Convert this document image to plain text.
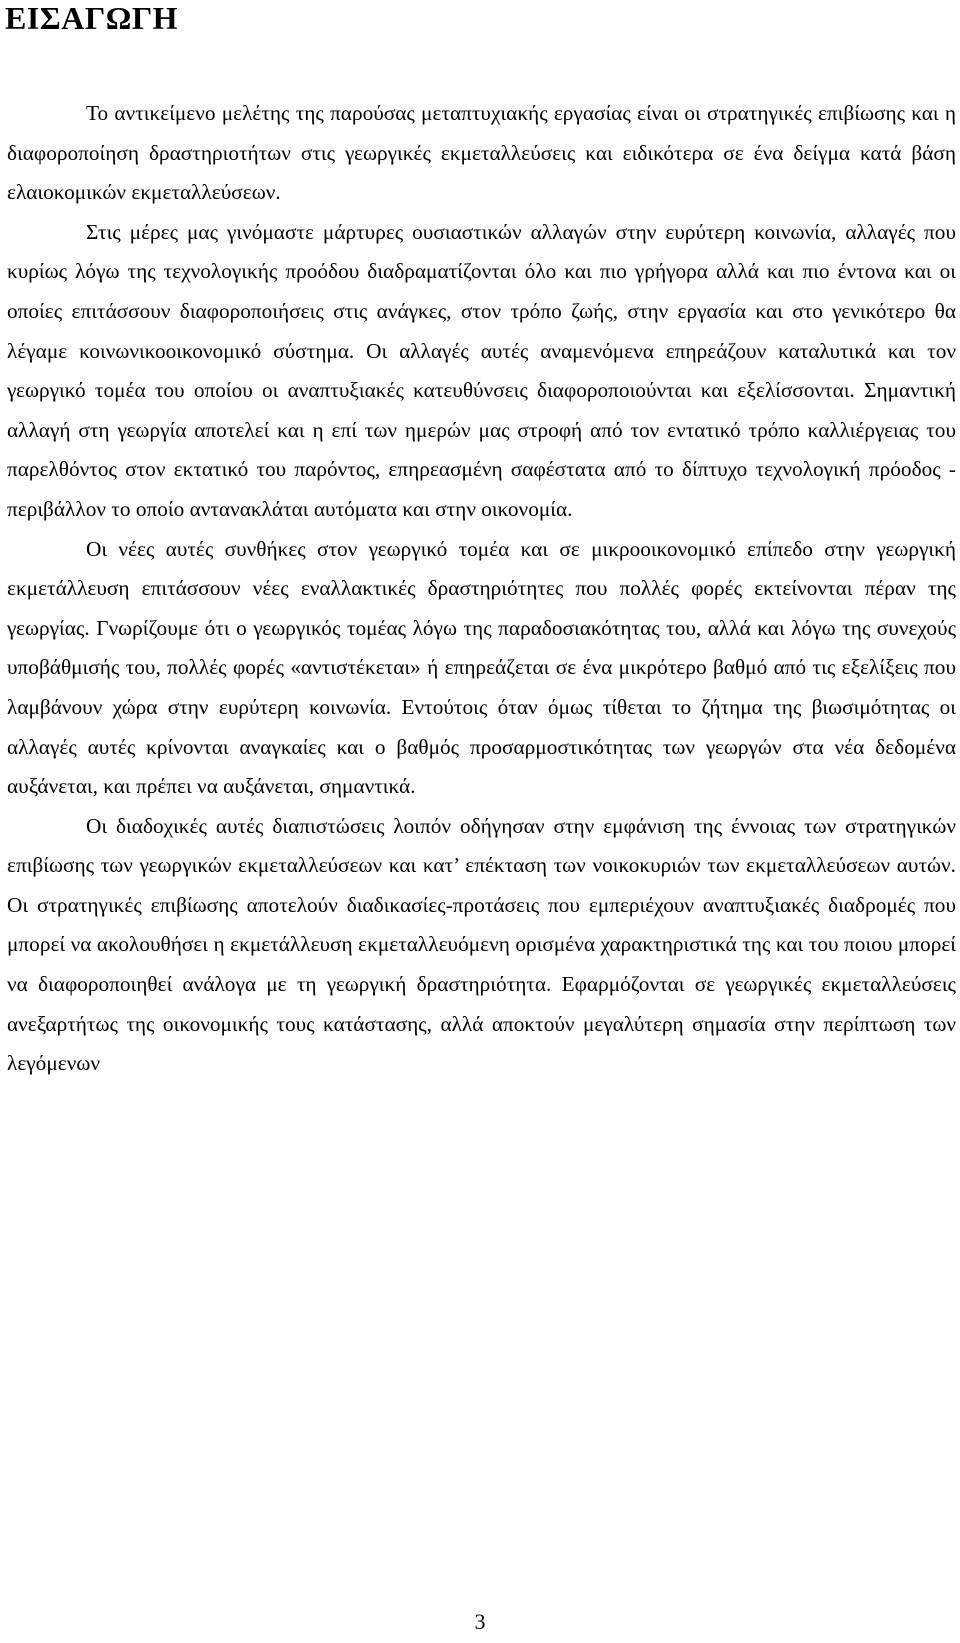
ΕΙΣΑΓΩΓΗ

Το αντικείμενο μελέτης της παρούσας μεταπτυχιακής εργασίας είναι οι στρατηγικές επιβίωσης και η διαφοροποίηση δραστηριοτήτων στις γεωργικές εκμεταλλεύσεις και ειδικότερα σε ένα δείγμα κατά βάση ελαιοκομικών εκμεταλλεύσεων.

Στις μέρες μας γινόμαστε μάρτυρες ουσιαστικών αλλαγών στην ευρύτερη κοινωνία, αλλαγές που κυρίως λόγω της τεχνολογικής προόδου διαδραματίζονται όλο και πιο γρήγορα αλλά και πιο έντονα και οι οποίες επιτάσσουν διαφοροποιήσεις στις ανάγκες, στον τρόπο ζωής, στην εργασία και στο γενικότερο θα λέγαμε κοινωνικοοικονομικό σύστημα. Οι αλλαγές αυτές αναμενόμενα επηρεάζουν καταλυτικά και τον γεωργικό τομέα του οποίου οι αναπτυξιακές κατευθύνσεις διαφοροποιούνται και εξελίσσονται. Σημαντική αλλαγή στη γεωργία αποτελεί και η επί των ημερών μας στροφή από τον εντατικό τρόπο καλλιέργειας του παρελθόντος στον εκτατικό του παρόντος, επηρεασμένη σαφέστατα από το δίπτυχο τεχνολογική πρόοδος - περιβάλλον το οποίο αντανακλάται αυτόματα και στην οικονομία.

Οι νέες αυτές συνθήκες στον γεωργικό τομέα και σε μικροοικονομικό επίπεδο στην γεωργική εκμετάλλευση επιτάσσουν νέες εναλλακτικές δραστηριότητες που πολλές φορές εκτείνονται πέραν της γεωργίας. Γνωρίζουμε ότι ο γεωργικός τομέας λόγω της παραδοσιακότητας του, αλλά και λόγω της συνεχούς υποβάθμισής του, πολλές φορές «αντιστέκεται» ή επηρεάζεται σε ένα μικρότερο βαθμό από τις εξελίξεις που λαμβάνουν χώρα στην ευρύτερη κοινωνία. Εντούτοις όταν όμως τίθεται το ζήτημα της βιωσιμότητας οι αλλαγές αυτές κρίνονται αναγκαίες και ο βαθμός προσαρμοστικότητας των γεωργών στα νέα δεδομένα αυξάνεται, και πρέπει να αυξάνεται, σημαντικά.

Οι διαδοχικές αυτές διαπιστώσεις λοιπόν οδήγησαν στην εμφάνιση της έννοιας των στρατηγικών επιβίωσης των γεωργικών εκμεταλλεύσεων και κατ’ επέκταση των νοικοκυριών των εκμεταλλεύσεων αυτών. Οι στρατηγικές επιβίωσης αποτελούν διαδικασίες-προτάσεις που εμπεριέχουν αναπτυξιακές διαδρομές που μπορεί να ακολουθήσει η εκμετάλλευση εκμεταλλευόμενη ορισμένα χαρακτηριστικά της και του ποιου μπορεί να διαφοροποιηθεί ανάλογα με τη γεωργική δραστηριότητα. Εφαρμόζονται σε γεωργικές εκμεταλλεύσεις ανεξαρτήτως της οικονομικής τους κατάστασης, αλλά αποκτούν μεγαλύτερη σημασία στην περίπτωση των λεγόμενων

3
